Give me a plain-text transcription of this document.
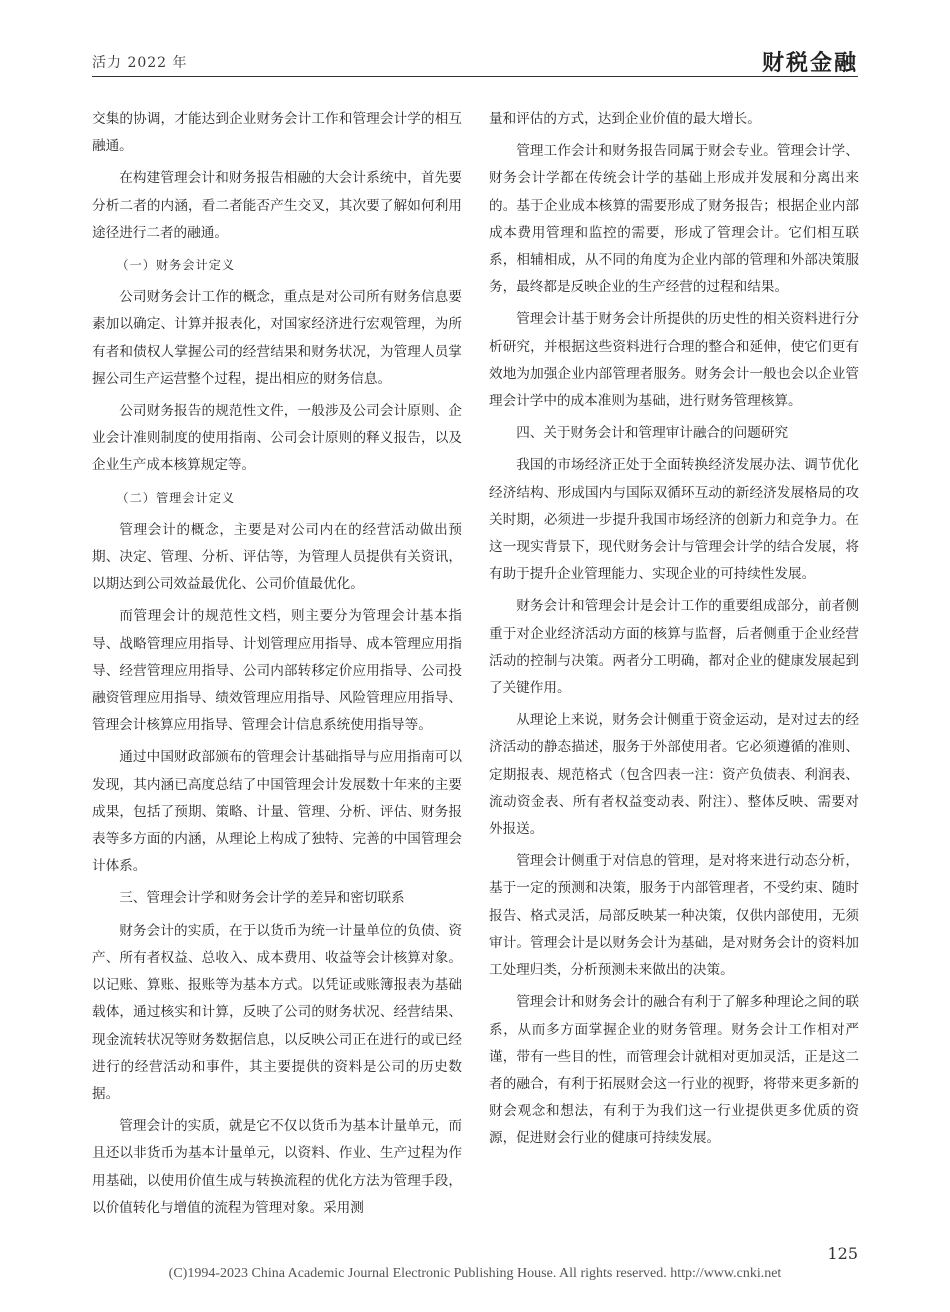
活力 2022 年	财税金融

交集的协调，才能达到企业财务会计工作和管理会计学的相互融通。

在构建管理会计和财务报告相融的大会计系统中，首先要分析二者的内涵，看二者能否产生交叉，其次要了解如何利用途径进行二者的融通。

（一）财务会计定义

公司财务会计工作的概念，重点是对公司所有财务信息要素加以确定、计算并报表化，对国家经济进行宏观管理，为所有者和债权人掌握公司的经营结果和财务状况，为管理人员掌握公司生产运营整个过程，提出相应的财务信息。

公司财务报告的规范性文件，一般涉及公司会计原则、企业会计准则制度的使用指南、公司会计原则的释义报告，以及企业生产成本核算规定等。

（二）管理会计定义

管理会计的概念，主要是对公司内在的经营活动做出预期、决定、管理、分析、评估等，为管理人员提供有关资讯，以期达到公司效益最优化、公司价值最优化。

而管理会计的规范性文档，则主要分为管理会计基本指导、战略管理应用指导、计划管理应用指导、成本管理应用指导、经营管理应用指导、公司内部转移定价应用指导、公司投融资管理应用指导、绩效管理应用指导、风险管理应用指导、管理会计核算应用指导、管理会计信息系统使用指导等。

通过中国财政部颁布的管理会计基础指导与应用指南可以发现，其内涵已高度总结了中国管理会计发展数十年来的主要成果，包括了预期、策略、计量、管理、分析、评估、财务报表等多方面的内涵，从理论上构成了独特、完善的中国管理会计体系。

三、管理会计学和财务会计学的差异和密切联系

财务会计的实质，在于以货币为统一计量单位的负债、资产、所有者权益、总收入、成本费用、收益等会计核算对象。以记账、算账、报账等为基本方式。以凭证或账簿报表为基础载体，通过核实和计算，反映了公司的财务状况、经营结果、现金流转状况等财务数据信息，以反映公司正在进行的或已经进行的经营活动和事件，其主要提供的资料是公司的历史数据。

管理会计的实质，就是它不仅以货币为基本计量单元，而且还以非货币为基本计量单元，以资料、作业、生产过程为作用基础，以使用价值生成与转换流程的优化方法为管理手段，以价值转化与增值的流程为管理对象。采用测

量和评估的方式，达到企业价值的最大增长。

管理工作会计和财务报告同属于财会专业。管理会计学、财务会计学都在传统会计学的基础上形成并发展和分离出来的。基于企业成本核算的需要形成了财务报告；根据企业内部成本费用管理和监控的需要，形成了管理会计。它们相互联系，相辅相成，从不同的角度为企业内部的管理和外部决策服务，最终都是反映企业的生产经营的过程和结果。

管理会计基于财务会计所提供的历史性的相关资料进行分析研究，并根据这些资料进行合理的整合和延伸，使它们更有效地为加强企业内部管理者服务。财务会计一般也会以企业管理会计学中的成本准则为基础，进行财务管理核算。

四、关于财务会计和管理审计融合的问题研究

我国的市场经济正处于全面转换经济发展办法、调节优化经济结构、形成国内与国际双循环互动的新经济发展格局的攻关时期，必须进一步提升我国市场经济的创新力和竞争力。在这一现实背景下，现代财务会计与管理会计学的结合发展，将有助于提升企业管理能力、实现企业的可持续性发展。

财务会计和管理会计是会计工作的重要组成部分，前者侧重于对企业经济活动方面的核算与监督，后者侧重于企业经营活动的控制与决策。两者分工明确，都对企业的健康发展起到了关键作用。

从理论上来说，财务会计侧重于资金运动，是对过去的经济活动的静态描述，服务于外部使用者。它必须遵循的准则、定期报表、规范格式（包含四表一注：资产负债表、利润表、流动资金表、所有者权益变动表、附注）、整体反映、需要对外报送。

管理会计侧重于对信息的管理，是对将来进行动态分析，基于一定的预测和决策，服务于内部管理者，不受约束、随时报告、格式灵活，局部反映某一种决策，仅供内部使用，无须审计。管理会计是以财务会计为基础，是对财务会计的资料加工处理归类，分析预测未来做出的决策。

管理会计和财务会计的融合有利于了解多种理论之间的联系，从而多方面掌握企业的财务管理。财务会计工作相对严谨，带有一些目的性，而管理会计就相对更加灵活，正是这二者的融合，有利于拓展财会这一行业的视野，将带来更多新的财会观念和想法，有利于为我们这一行业提供更多优质的资源，促进财会行业的健康可持续发展。

125
(C)1994-2023 China Academic Journal Electronic Publishing House. All rights reserved. http://www.cnki.net
